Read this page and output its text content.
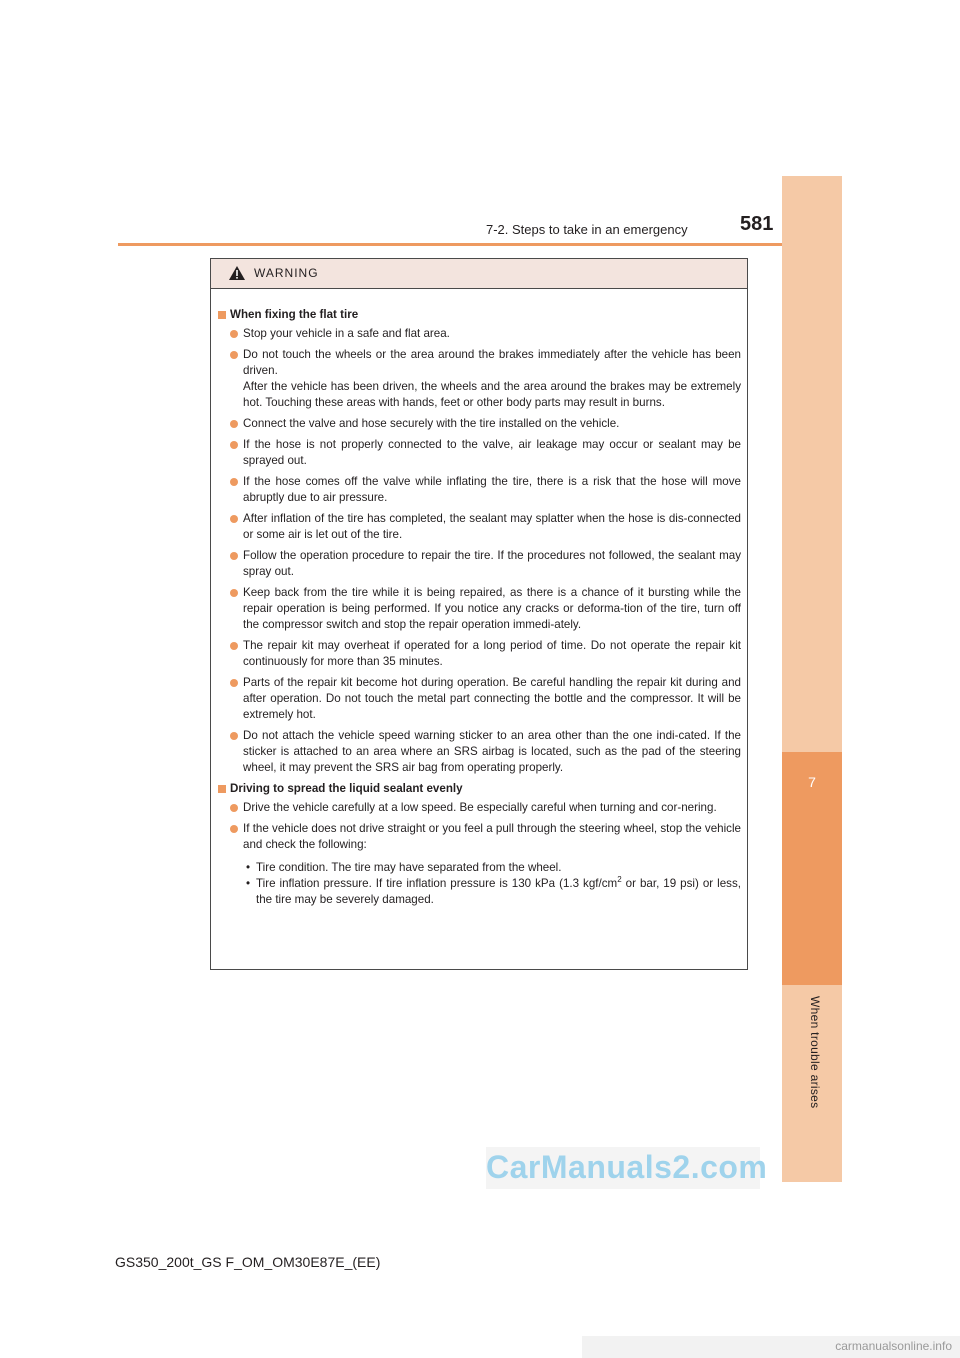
7
When trouble arises
7-2. Steps to take in an emergency	581
WARNING
When fixing the flat tire

Stop your vehicle in a safe and flat area.

Do not touch the wheels or the area around the brakes immediately after the vehicle has been driven.

After the vehicle has been driven, the wheels and the area around the brakes may be extremely hot. Touching these areas with hands, feet or other body parts may result in burns.

Connect the valve and hose securely with the tire installed on the vehicle.

If the hose is not properly connected to the valve, air leakage may occur or sealant may be sprayed out.

If the hose comes off the valve while inflating the tire, there is a risk that the hose will move abruptly due to air pressure.

After inflation of the tire has completed, the sealant may splatter when the hose is dis-connected or some air is let out of the tire.

Follow the operation procedure to repair the tire. If the procedures not followed, the sealant may spray out.

Keep back from the tire while it is being repaired, as there is a chance of it bursting while the repair operation is being performed. If you notice any cracks or deforma-tion of the tire, turn off the compressor switch and stop the repair operation immedi-ately.

The repair kit may overheat if operated for a long period of time. Do not operate the repair kit continuously for more than 35 minutes.

Parts of the repair kit become hot during operation. Be careful handling the repair kit during and after operation. Do not touch the metal part connecting the bottle and the compressor. It will be extremely hot.

Do not attach the vehicle speed warning sticker to an area other than the one indi-cated. If the sticker is attached to an area where an SRS airbag is located, such as the pad of the steering wheel, it may prevent the SRS air bag from operating properly.

Driving to spread the liquid sealant evenly

Drive the vehicle carefully at a low speed. Be especially careful when turning and cor-nering.

If the vehicle does not drive straight or you feel a pull through the steering wheel, stop the vehicle and check the following:

• Tire condition. The tire may have separated from the wheel.

• Tire inflation pressure. If tire inflation pressure is 130 kPa (1.3 kgf/$cm^2$ or bar, 19 psi) or less, the tire may be severely damaged.

GS350_200t_GS F_OM_OM30E87E_(EE)
CarManuals2.com
carmanualsonline.info
